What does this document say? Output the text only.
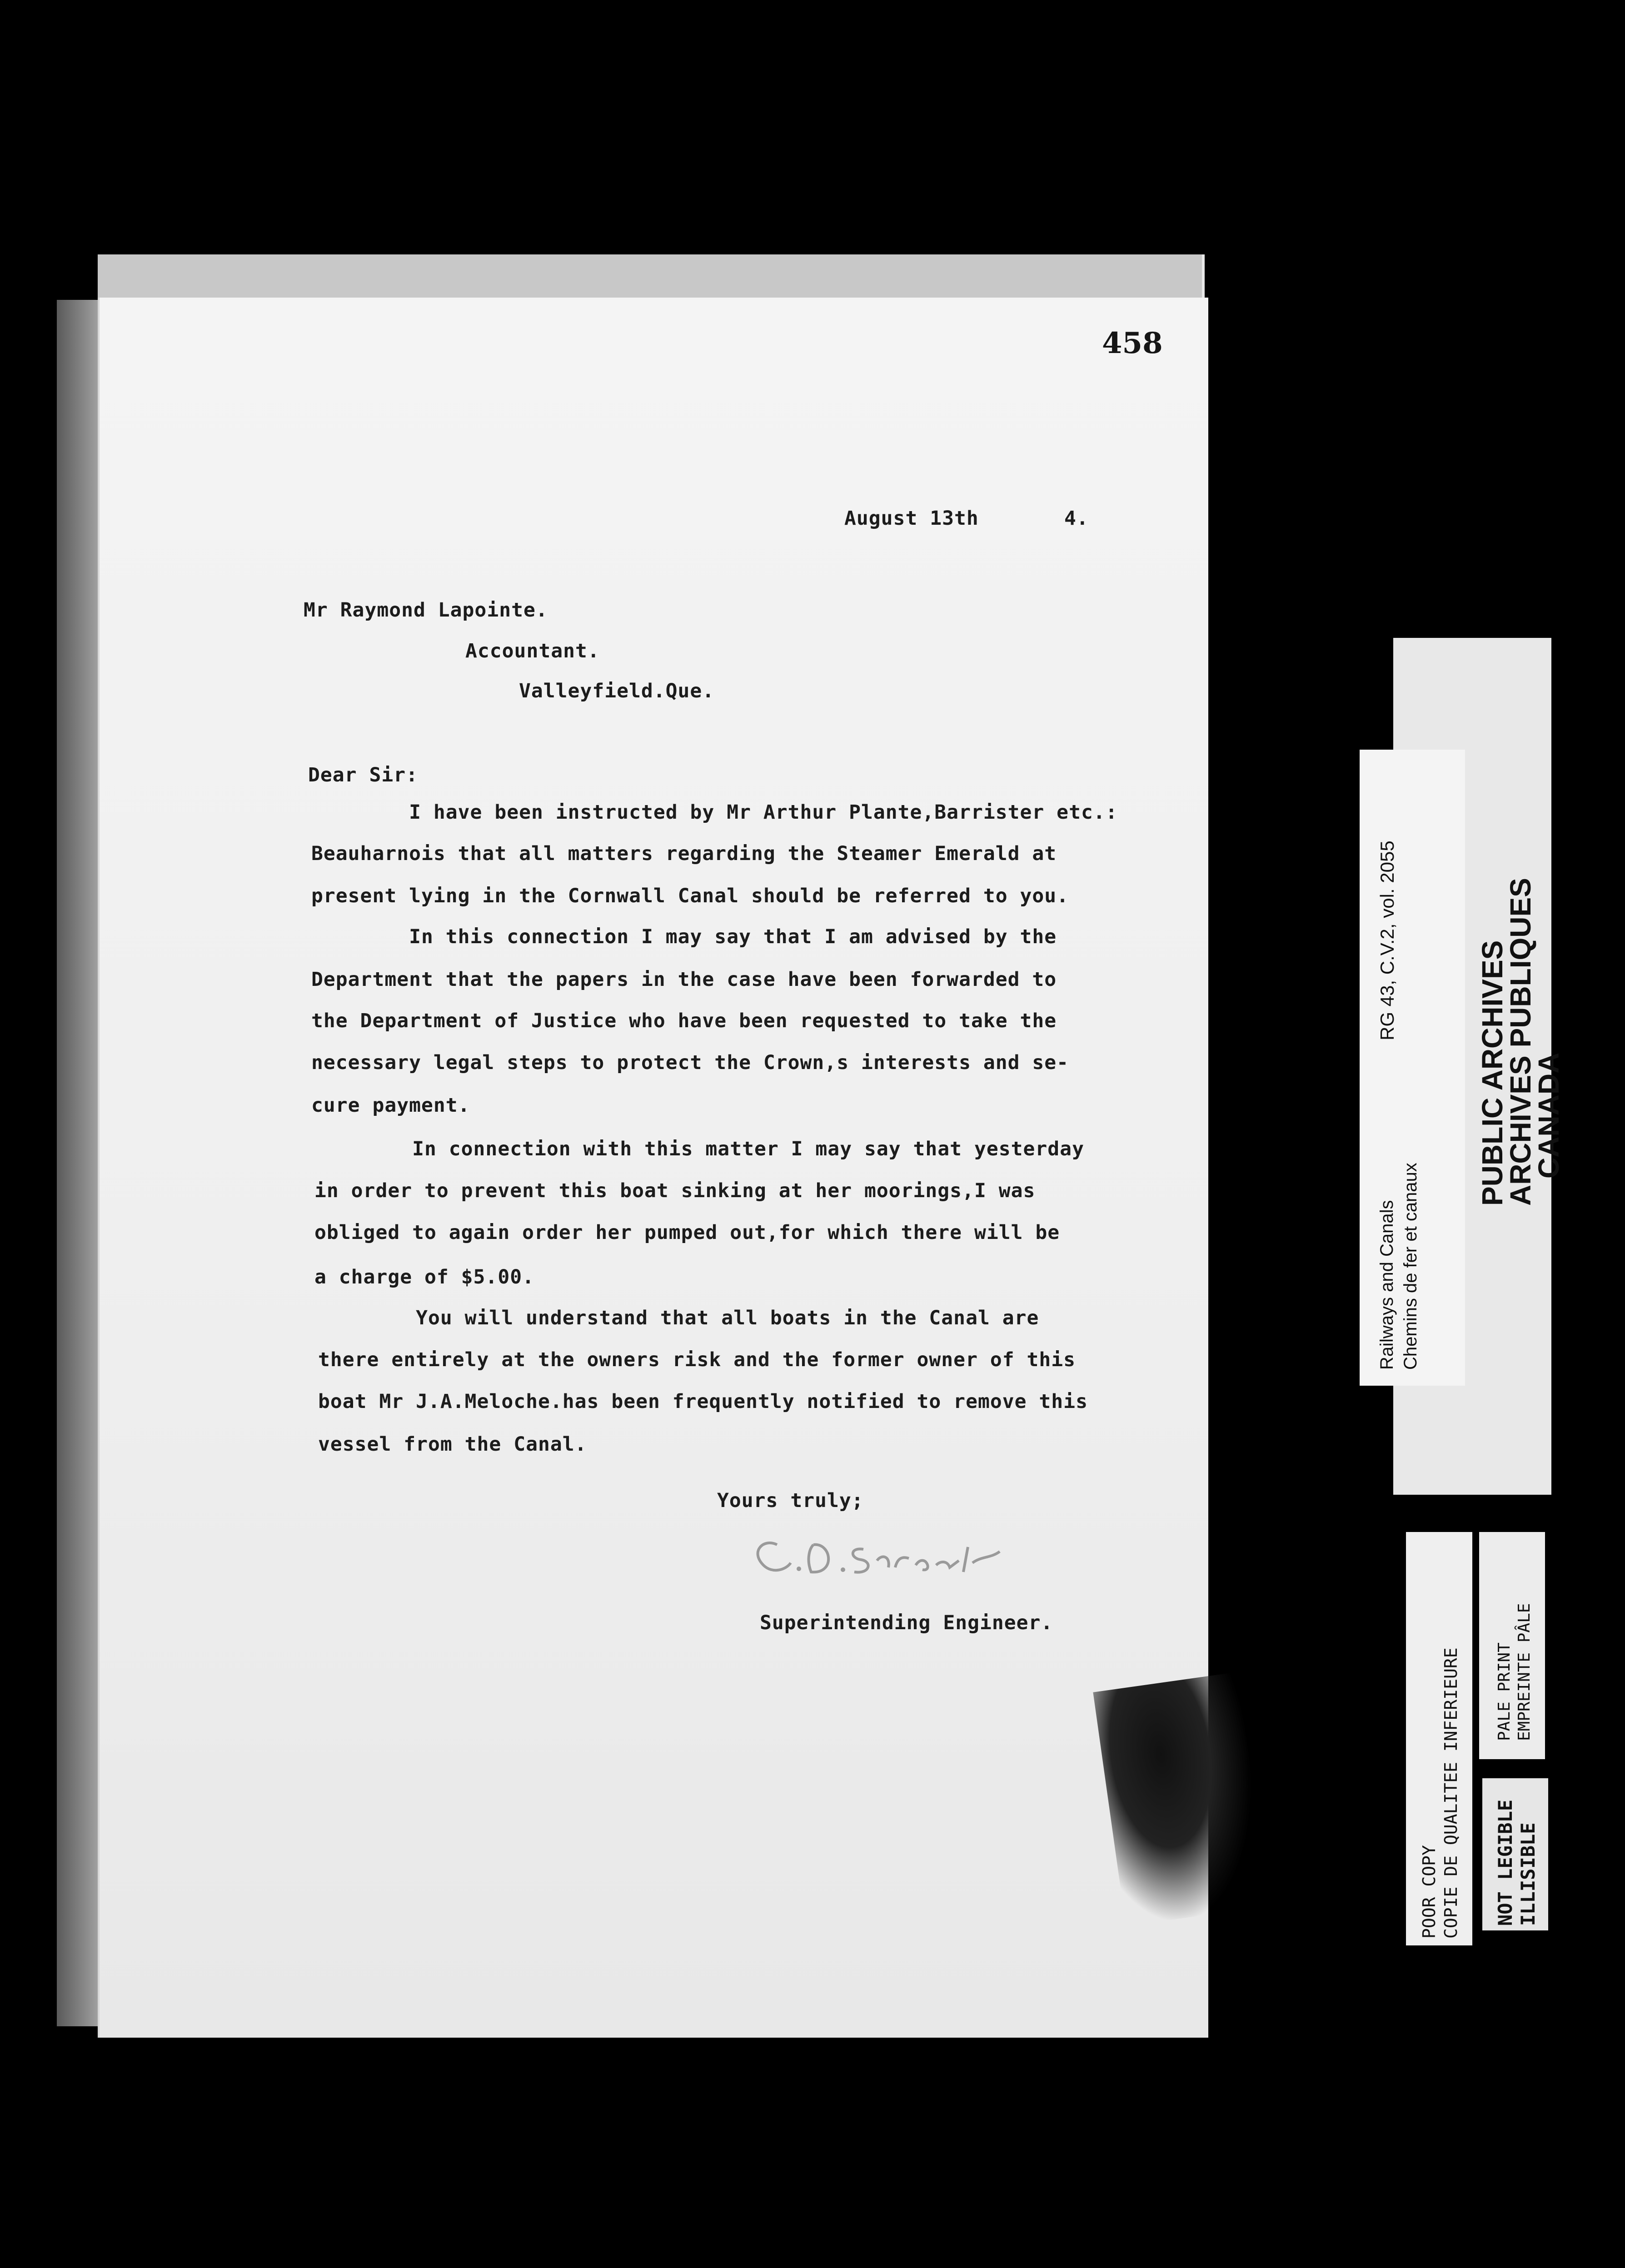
458
August 13th       4.
Mr Raymond Lapointe.
Accountant.
Valleyfield.Que.
Dear Sir:
I have been instructed by Mr Arthur Plante,Barrister etc.:
Beauharnois that all matters regarding the Steamer Emerald at
present lying in the Cornwall Canal should be referred to you.
In this connection I may say that I am advised by the
Department that the papers in the case have been forwarded to
the Department of Justice who have been requested to take the
necessary legal steps to protect the Crown,s interests and se-
cure payment.
In connection with this matter I may say that yesterday
in order to prevent this boat sinking at her moorings,I was
obliged to again order her pumped out,for which there will be
a charge of $5.00.
You will understand that all boats in the Canal are
there entirely at the owners risk and the former owner of this
boat Mr J.A.Meloche.has been frequently notified to remove this
vessel from the Canal.
Yours truly;
Superintending Engineer.
PUBLIC ARCHIVES
ARCHIVES PUBLIQUES
CANADA
RG 43, C.V.2, vol. 2055
Railways and Canals Chemins de fer et canaux
POOR COPY COPIE DE QUALITEE INFERIEURE PALE PRINT EMPREINTE PÂLE
NOT LEGIBLE ILLISIBLE
